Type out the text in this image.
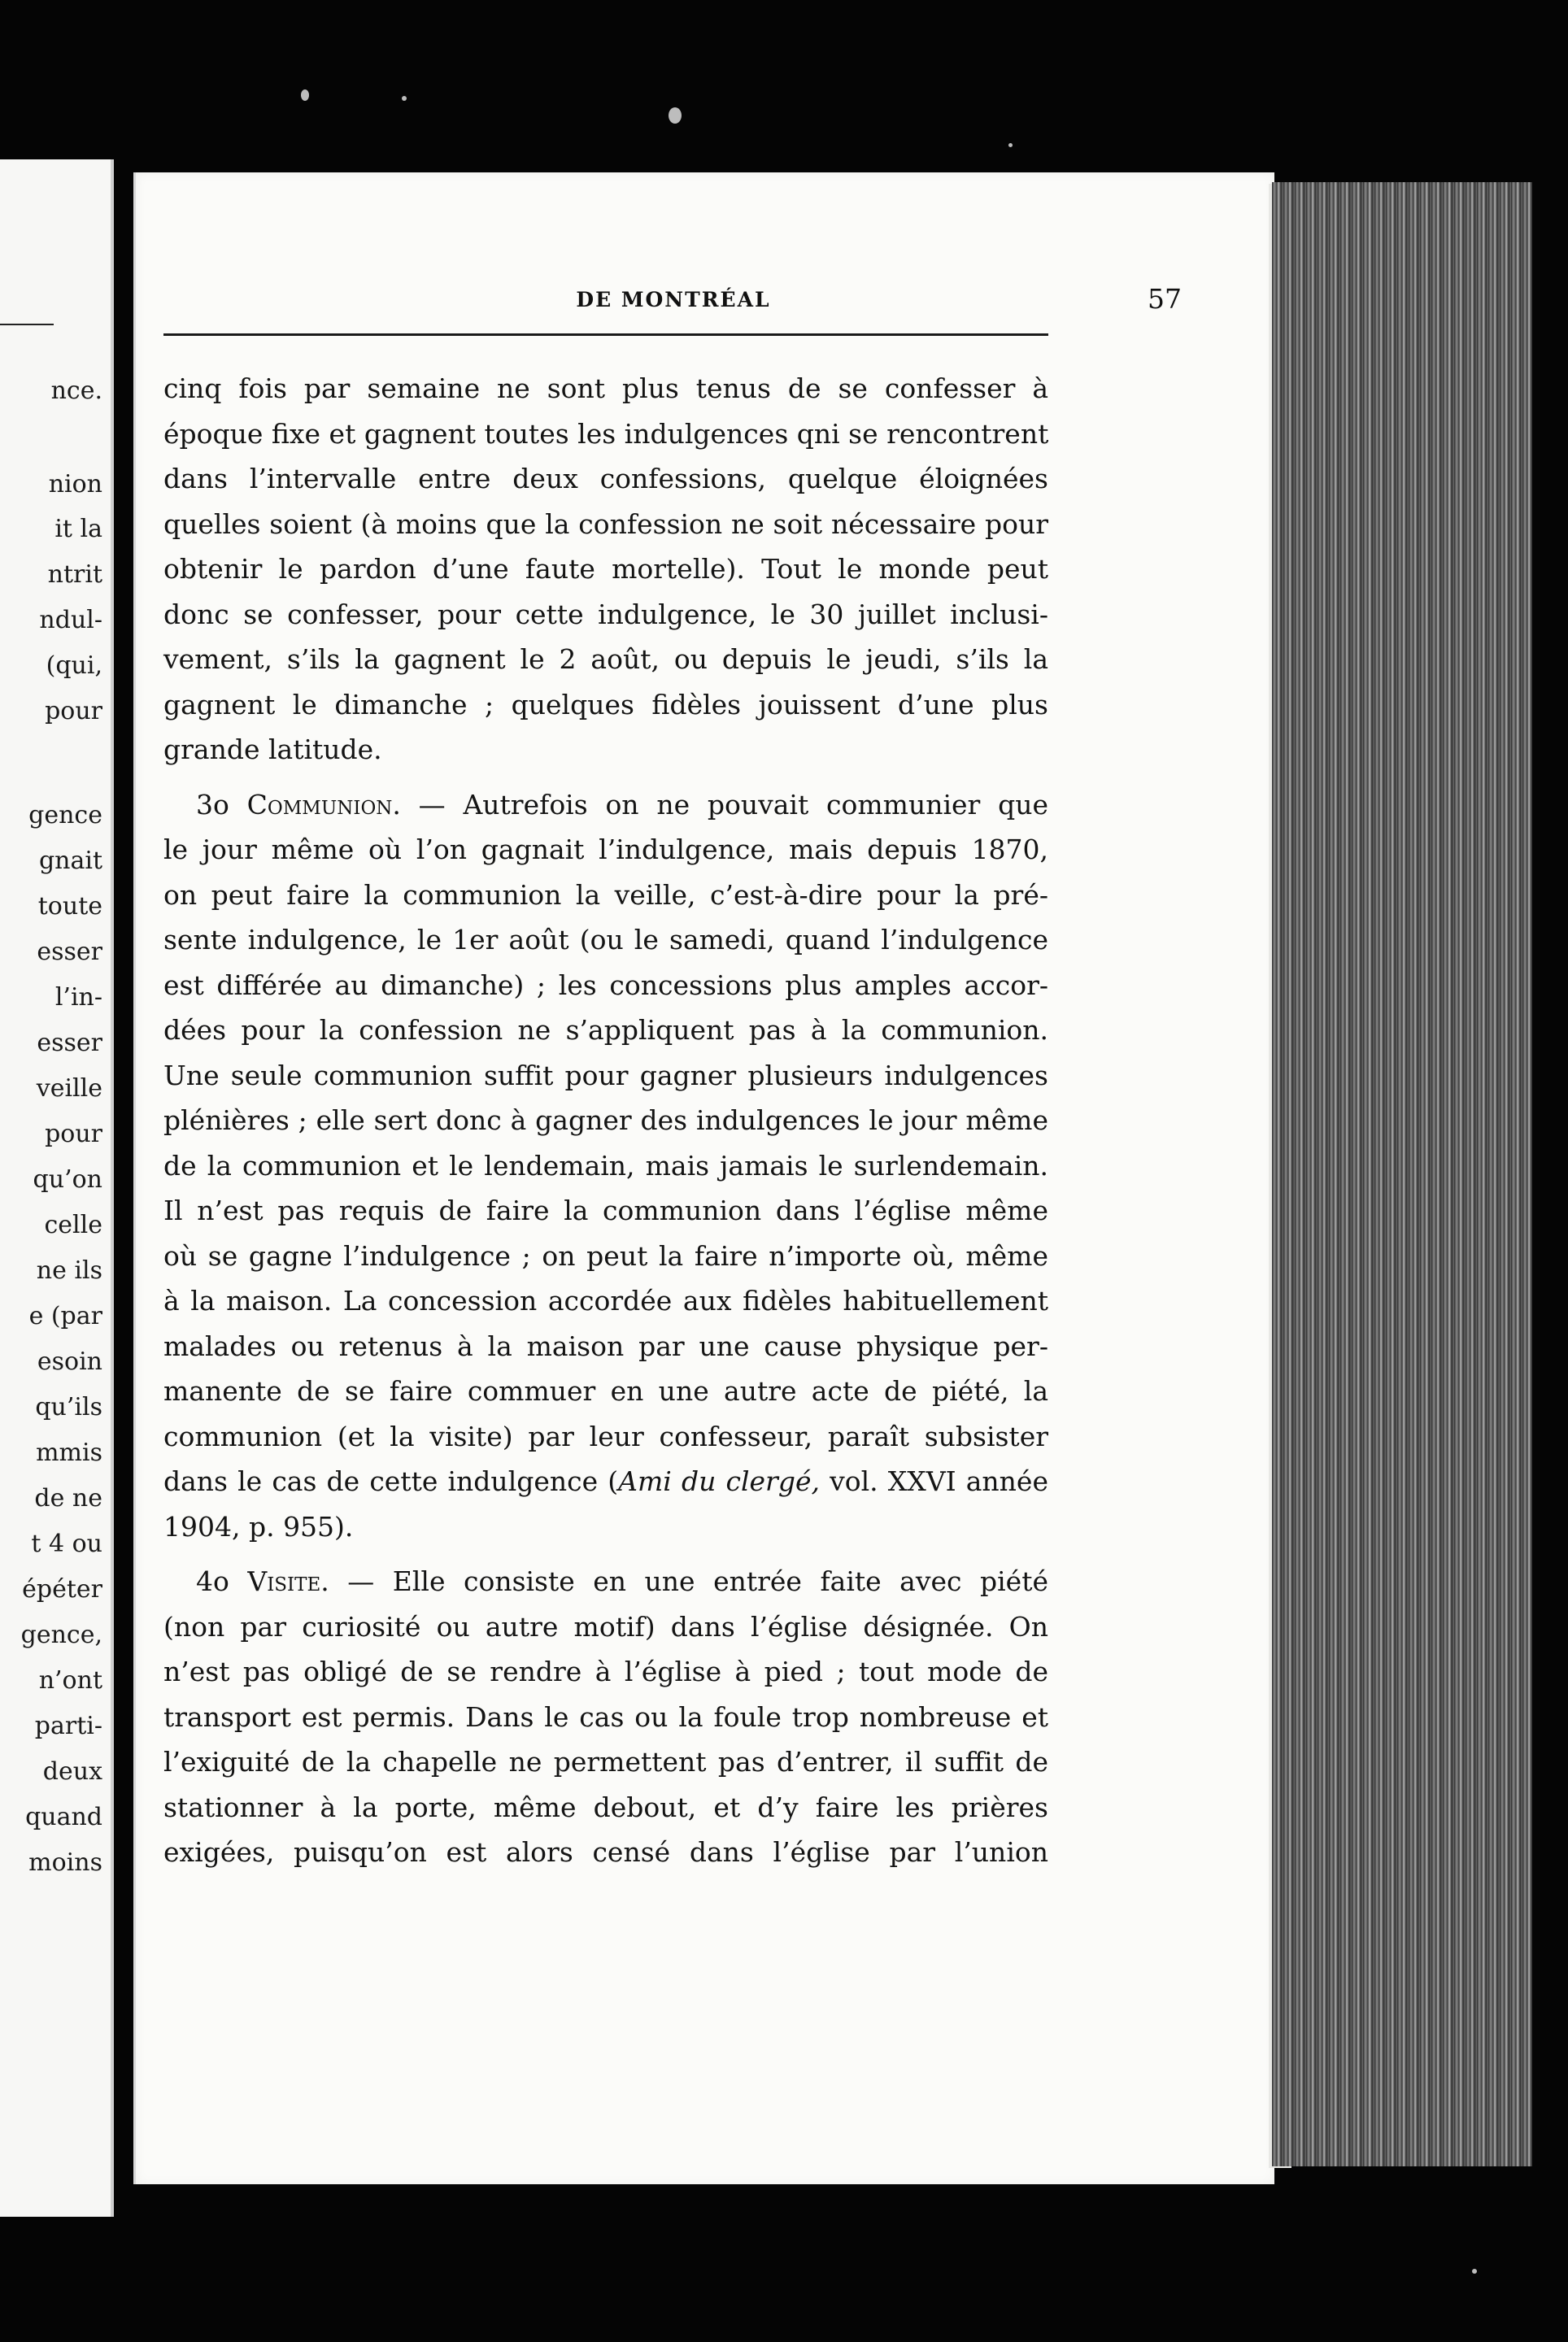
nce.
nion
it la
ntrit
ndul-
(qui,
pour
gence
gnait
toute
esser
l’in-
esser
veille
pour
qu’on
celle
ne ils
e (par
esoin
qu’ils
mmis
de ne
t 4 ou
épéter
gence,
n’ont
parti-
deux
quand
moins
DE MONTRÉAL	57
cinq fois par semaine ne sont plus tenus de se confesser à
époque fixe et gagnent toutes les indulgences qni se rencontrent
dans l’intervalle entre deux confessions, quelque éloignées
quelles soient (à moins que la confession ne soit nécessaire pour
obtenir le pardon d’une faute mortelle). Tout le monde peut
donc se confesser, pour cette indulgence, le 30 juillet inclusi-
vement, s’ils la gagnent le 2 août, ou depuis le jeudi, s’ils la
gagnent le dimanche ; quelques fidèles jouissent d’une plus
grande latitude.
3o Communion. — Autrefois on ne pouvait communier que
le jour même où l’on gagnait l’indulgence, mais depuis 1870,
on peut faire la communion la veille, c’est-à-dire pour la pré-
sente indulgence, le 1er août (ou le samedi, quand l’indulgence
est différée au dimanche) ; les concessions plus amples accor-
dées pour la confession ne s’appliquent pas à la communion.
Une seule communion suffit pour gagner plusieurs indulgences
plénières ; elle sert donc à gagner des indulgences le jour même
de la communion et le lendemain, mais jamais le surlendemain.
Il n’est pas requis de faire la communion dans l’église même
où se gagne l’indulgence ; on peut la faire n’importe où, même
à la maison. La concession accordée aux fidèles habituellement
malades ou retenus à la maison par une cause physique per-
manente de se faire commuer en une autre acte de piété, la
communion (et la visite) par leur confesseur, paraît subsister
dans le cas de cette indulgence (Ami du clergé, vol. XXVI année
1904, p. 955).
4o Visite. — Elle consiste en une entrée faite avec piété
(non par curiosité ou autre motif) dans l’église désignée. On
n’est pas obligé de se rendre à l’église à pied ; tout mode de
transport est permis. Dans le cas ou la foule trop nombreuse et
l’exiguité de la chapelle ne permettent pas d’entrer, il suffit de
stationner à la porte, même debout, et d’y faire les prières
exigées, puisqu’on est alors censé dans l’église par l’union
